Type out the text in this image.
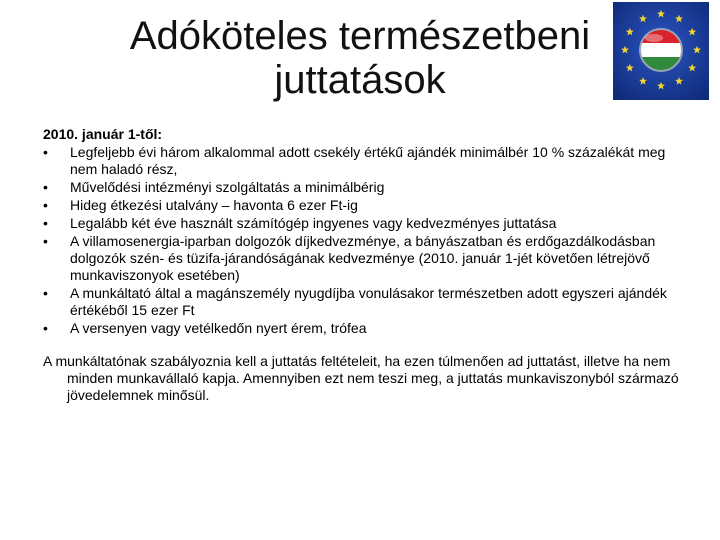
Adóköteles természetbeni juttatások

2010. január 1-től:

•	Legfeljebb évi három alkalommal adott csekély értékű ajándék minimálbér 10 % százalékát meg nem haladó rész,
•	Művelődési intézményi szolgáltatás a minimálbérig
•	Hideg étkezési utalvány – havonta 6 ezer Ft-ig
•	Legalább két éve használt számítógép ingyenes vagy kedvezményes juttatása
•	A villamosenergia-iparban dolgozók díjkedvezménye, a bányászatban és erdőgazdálkodásban dolgozók szén- és tüzifa-járandóságának kedvezménye (2010. január 1-jét követően létrejövő munkaviszonyok esetében)
•	A munkáltató által a magánszemély nyugdíjba vonulásakor természetben adott egyszeri ajándék értékéből 15 ezer Ft
•	A versenyen vagy vetélkedőn nyert érem, trófea

A munkáltatónak szabályoznia kell a juttatás feltételeit, ha ezen túlmenően ad juttatást, illetve ha nem minden munkavállaló kapja. Amennyiben ezt nem teszi meg, a juttatás munkaviszonyból származó jövedelemnek minősül.
